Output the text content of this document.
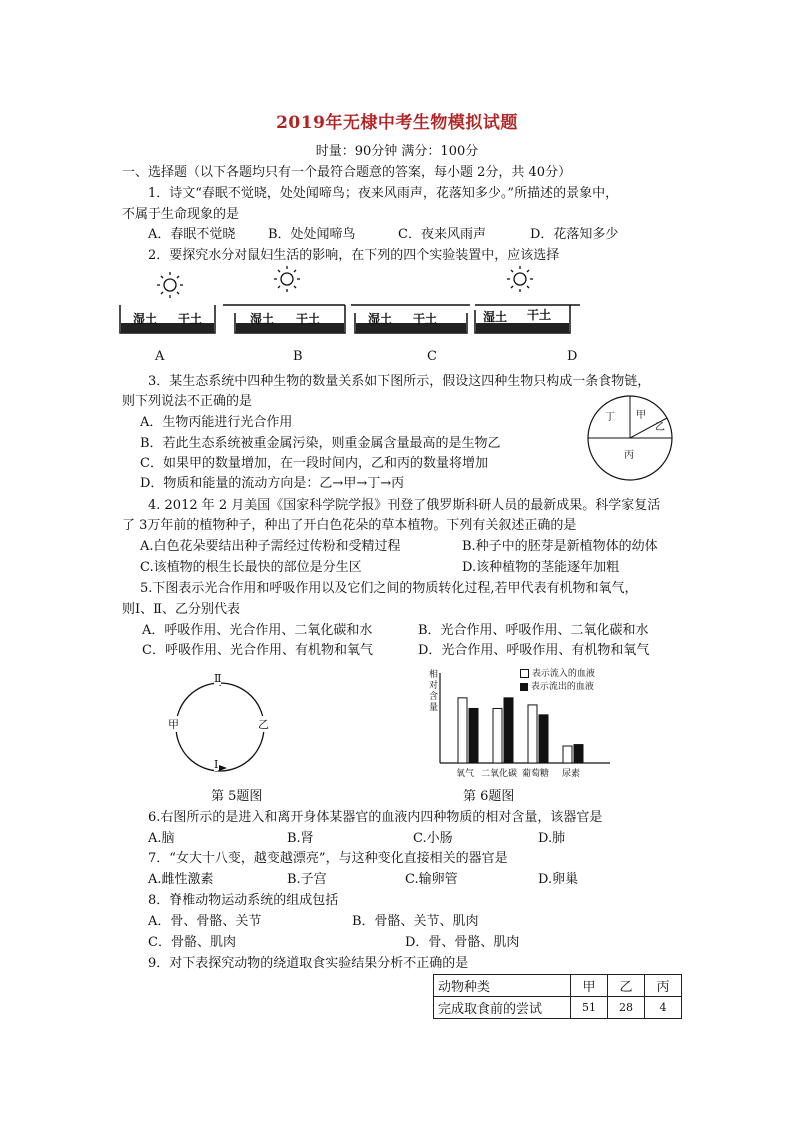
2019年无棣中考生物模拟试题
时量：90分钟 满分：100分
一、选择题（以下各题均只有一个最符合题意的答案，每小题 2分，共 40分）
1．诗文“春眠不觉晓，处处闻啼鸟；夜来风雨声，花落知多少。”所描述的景象中，
不属于生命现象的是
A．春眠不觉晓	B．处处闻啼鸟	C．夜来风雨声	D．花落知多少
2．要探究水分对鼠妇生活的影响，在下列的四个实验装置中，应该选择
湿土 干土	湿土 干土	湿土 干土	湿土 干土
A	B	C	D
3．某生态系统中四种生物的数量关系如下图所示，假设这四种生物只构成一条食物链，
则下列说法不正确的是
A．生物丙能进行光合作用
B．若此生态系统被重金属污染，则重金属含量最高的是生物乙
C．如果甲的数量增加，在一段时间内，乙和丙的数量将增加
D．物质和能量的流动方向是：乙→甲→丁→丙
丁 甲
乙
丙
4. 2012 年 2 月美国《国家科学院学报》刊登了俄罗斯科研人员的最新成果。科学家复活
了 3万年前的植物种子，种出了开白色花朵的草本植物。下列有关叙述正确的是
A.白色花朵要结出种子需经过传粉和受精过程	B.种子中的胚芽是新植物体的幼体
C.该植物的根生长最快的部位是分生区	D.该种植物的茎能逐年加粗
5.下图表示光合作用和呼吸作用以及它们之间的物质转化过程,若甲代表有机物和氧气，
则Ⅰ、Ⅱ、乙分别代表
A．呼吸作用、光合作用、二氧化碳和水	B．光合作用、呼吸作用、二氧化碳和水
C．呼吸作用、光合作用、有机物和氧气	D．光合作用、呼吸作用、有机物和氧气
Ⅱ
Ⅰ
甲	乙
第 5题图
相对含量
表示流入的血液
表示流出的血液
氧气 二氧化碳 葡萄糖 尿素
第 6题图
6.右图所示的是进入和离开身体某器官的血液内四种物质的相对含量，该器官是
A.脑	B.肾	C.小肠	D.肺
7．“女大十八变，越变越漂亮”，与这种变化直接相关的器官是
A.雌性激素	B.子宫	C.输卵管	D.卵巢
8．脊椎动物运动系统的组成包括
A．骨、骨骼、关节	B．骨骼、关节、肌肉
C．骨骼、肌肉	D．骨、骨骼、肌肉
9．对下表探究动物的绕道取食实验结果分析不正确的是
动物种类	甲	乙	丙
完成取食前的尝试	51	28	4
